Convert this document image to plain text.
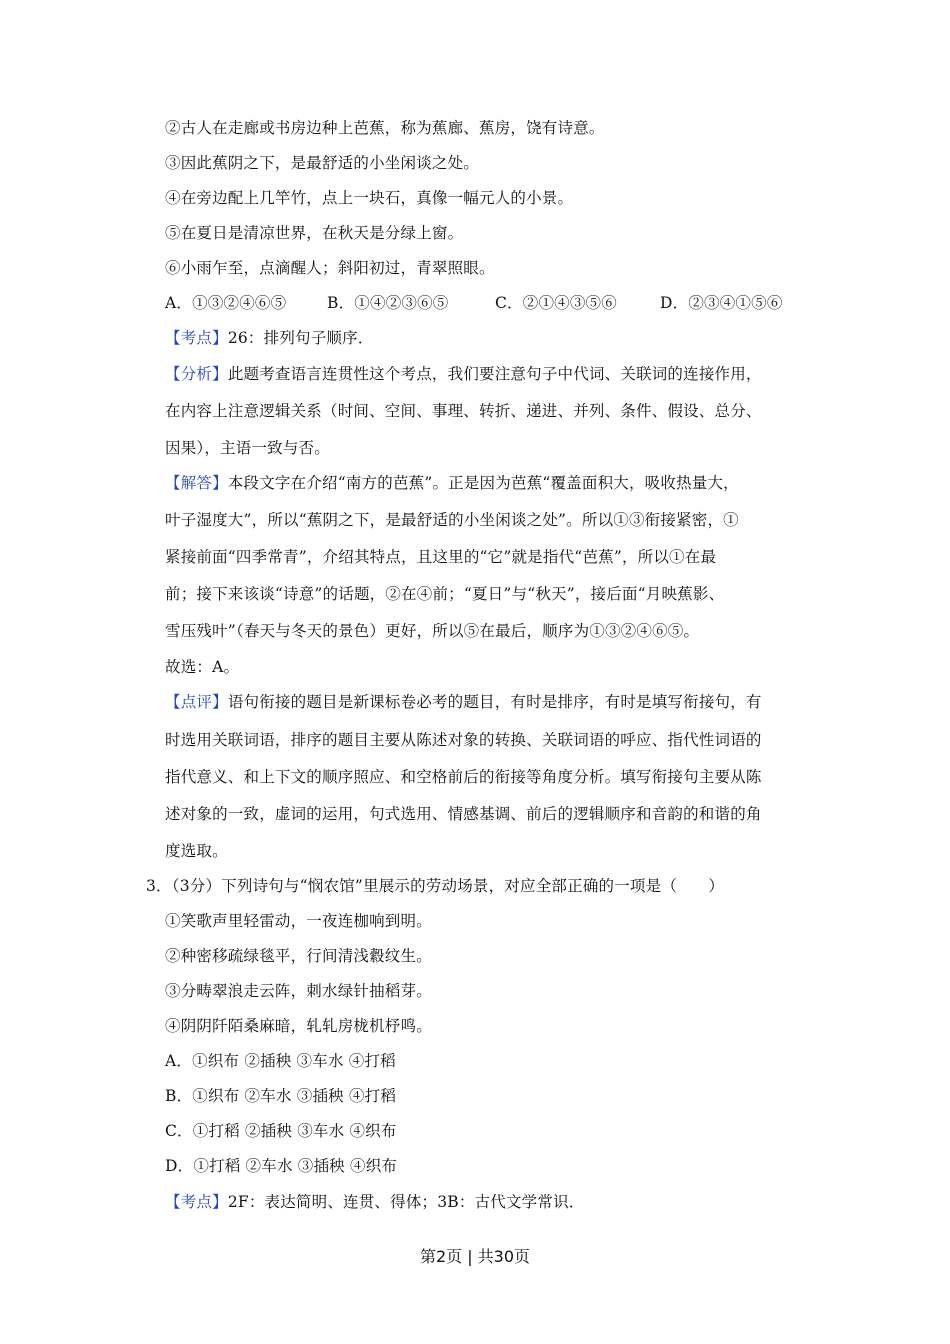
②古人在走廊或书房边种上芭蕉，称为蕉廊、蕉房，饶有诗意。
③因此蕉阴之下，是最舒适的小坐闲谈之处。
④在旁边配上几竿竹，点上一块石，真像一幅元人的小景。
⑤在夏日是清凉世界，在秋天是分绿上窗。
⑥小雨乍至，点滴醒人；斜阳初过，青翠照眼。
A．①③②④⑥⑤	B．①④②③⑥⑤	C．②①④③⑤⑥	D．②③④①⑤⑥
【考点】26：排列句子顺序．
【分析】此题考查语言连贯性这个考点，我们要注意句子中代词、关联词的连接作用，
在内容上注意逻辑关系（时间、空间、事理、转折、递进、并列、条件、假设、总分、
因果），主语一致与否。
【解答】本段文字在介绍“南方的芭蕉”。正是因为芭蕉“覆盖面积大，吸收热量大，
叶子湿度大”，所以“蕉阴之下，是最舒适的小坐闲谈之处”。所以①③衔接紧密，①
紧接前面“四季常青”，介绍其特点，且这里的“它”就是指代“芭蕉”，所以①在最
前；接下来该谈“诗意”的话题，②在④前；“夏日”与“秋天”，接后面“月映蕉影、
雪压残叶”（春天与冬天的景色）更好，所以⑤在最后，顺序为①③②④⑥⑤。
故选：A。
【点评】语句衔接的题目是新课标卷必考的题目，有时是排序，有时是填写衔接句，有
时选用关联词语，排序的题目主要从陈述对象的转换、关联词语的呼应、指代性词语的
指代意义、和上下文的顺序照应、和空格前后的衔接等角度分析。填写衔接句主要从陈
述对象的一致，虚词的运用，句式选用、情感基调、前后的逻辑顺序和音韵的和谐的角
度选取。
3．（3分）下列诗句与“悯农馆”里展示的劳动场景，对应全部正确的一项是（　　）
①笑歌声里轻雷动，一夜连枷响到明。
②种密移疏绿毯平，行间清浅縠纹生。
③分畴翠浪走云阵，刺水绿针抽稻芽。
④阴阴阡陌桑麻暗，轧轧房栊机杼鸣。
A．①织布 ②插秧 ③车水 ④打稻
B．①织布 ②车水 ③插秧 ④打稻
C．①打稻 ②插秧 ③车水 ④织布
D．①打稻 ②车水 ③插秧 ④织布
【考点】2F：表达简明、连贯、得体；3B：古代文学常识．
第2页 | 共30页
